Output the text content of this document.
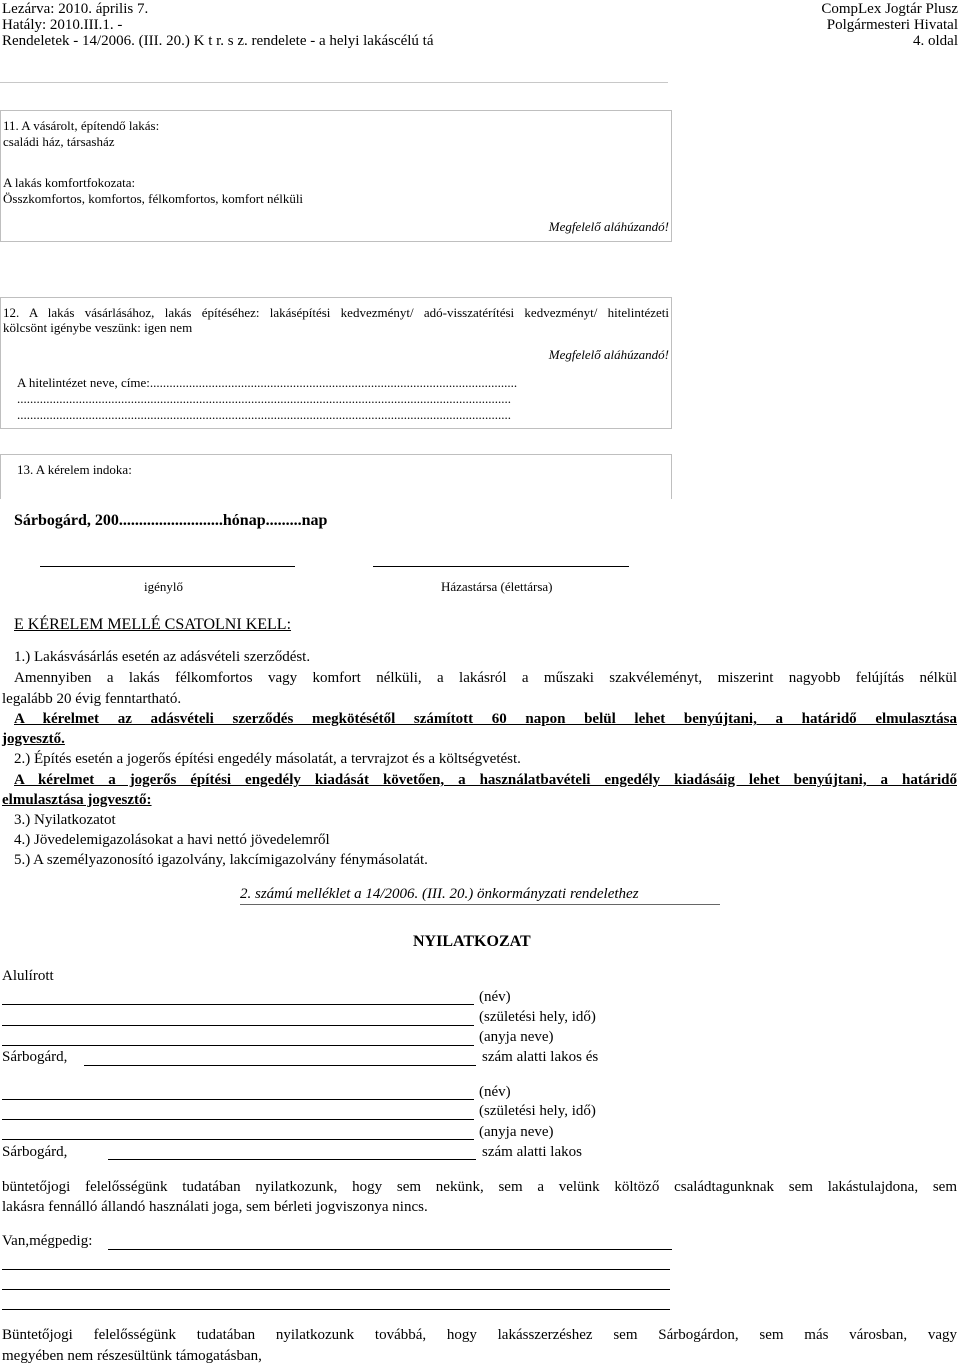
Lezárva: 2010. április 7.
Hatály: 2010.III.1. -
Rendeletek - 14/2006. (III. 20.) K t r. s z. rendelete - a helyi lakáscélú tá
CompLex Jogtár Plusz
Polgármesteri Hivatal
4. oldal
11. A vásárolt, építendő lakás:
családi ház, társasház
A lakás komfortfokozata:
Összkomfortos, komfortos, félkomfortos, komfort nélküli
Megfelelő aláhúzandó!
12. A lakás vásárlásához, lakás építéséhez: lakásépítési kedvezményt/ adó-visszatérítési kedvezményt/ hitelintézeti
kölcsönt igénybe veszünk: igen nem
Megfelelő aláhúzandó!
A hitelintézet neve, címe:.................................................................................................................
........................................................................................................................................................
........................................................................................................................................................
13. A kérelem indoka:
Sárbogárd, 200..........................hónap.........nap
igénylő	Házastársa (élettársa)
E KÉRELEM MELLÉ CSATOLNI KELL:
1.) Lakásvásárlás esetén az adásvételi szerződést.
Amennyiben a lakás félkomfortos vagy komfort nélküli, a lakásról a műszaki szakvéleményt, miszerint nagyobb felújítás nélkül
legalább 20 évig fenntartható.
A kérelmet az adásvételi szerződés megkötésétől számított 60 napon belül lehet benyújtani, a határidő elmulasztása
jogvesztő.
2.) Építés esetén a jogerős építési engedély másolatát, a tervrajzot és a költségvetést.
A kérelmet a jogerős építési engedély kiadását követően, a használatbavételi engedély kiadásáig lehet benyújtani, a határidő
elmulasztása jogvesztő:
3.) Nyilatkozatot
4.) Jövedelemigazolásokat a havi nettó jövedelemről
5.) A személyazonosító igazolvány, lakcímigazolvány fénymásolatát.
2. számú melléklet a 14/2006. (III. 20.) önkormányzati rendelethez
NYILATKOZAT
Alulírott
(név)
(születési hely, idő)
(anyja neve)
Sárbogárd,	szám alatti lakos és
(név)
(születési hely, idő)
(anyja neve)
Sárbogárd,	szám alatti lakos
büntetőjogi felelősségünk tudatában nyilatkozunk, hogy sem nekünk, sem a velünk költöző családtagunknak sem lakástulajdona, sem
lakásra fennálló állandó használati joga, sem bérleti jogviszonya nincs.
Van,mégpedig:
Büntetőjogi felelősségünk tudatában nyilatkozunk továbbá, hogy lakásszerzéshez sem Sárbogárdon, sem más városban, vagy
megyében nem részesültünk támogatásban,
